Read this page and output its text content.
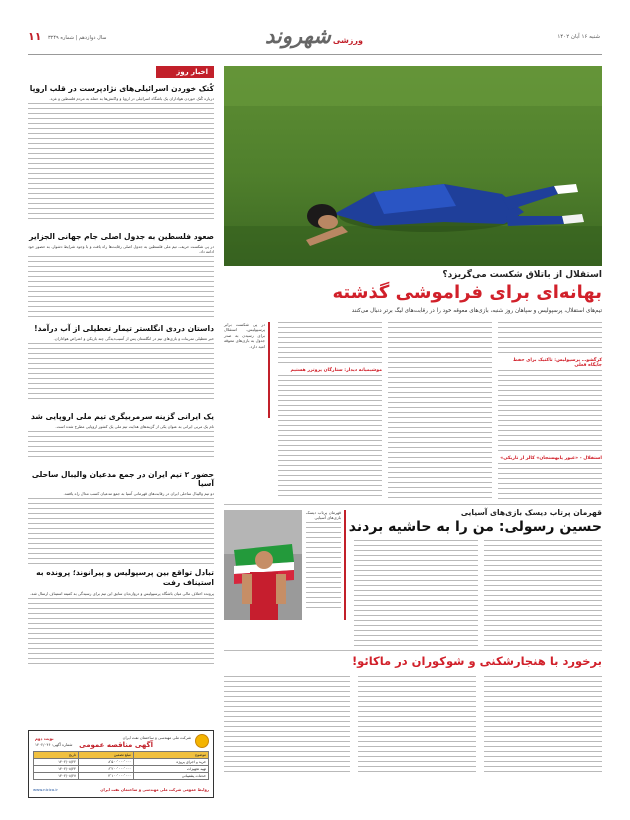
شنبه ۱۶ آبان ۱۴۰۲
ورزشی
شهروند
سال دوازدهم | شماره ۳۲۴۹
۱۱
اخبار روز
کُتک خوردن اسرائیلی‌های نژادپرست در قلب اروپا
درباره کُتک خوردن هواداران یک باشگاه اسرائیلی در اروپا و واکنش‌ها به حمله به مردم فلسطین و غزه.
صعود فلسطین به جدول اصلی جام جهانی الجزایر
در پی شکست حریف، تیم ملی فلسطین به جدول اصلی رقابت‌ها راه یافت و با وجود شرایط دشوار، به حضور خود ادامه داد.
داستان دردی انگلستر تیمار تعطیلی از آب درآمد!
خبر تعطیلی تمرینات و بازی‌های تیم در انگلستان پس از آسیب‌دیدگی چند بازیکن و اعتراض هواداران.
یک ایرانی گزینه سرمربیگری تیم ملی اروپایی شد
نام یک مربی ایرانی به عنوان یکی از گزینه‌های هدایت تیم ملی یک کشور اروپایی مطرح شده است.
حضور ۲ تیم ایران در جمع مدعیان والیبال ساحلی آسیا
دو تیم والیبال ساحلی ایران در رقابت‌های قهرمانی آسیا به جمع مدعیان کسب مدال راه یافتند.
تبادل تواقع بین پرسپولیس و پیرانوند؛ پرونده به استیناف رفت
پرونده اختلاف مالی میان باشگاه پرسپولیس و دروازه‌بان سابق این تیم برای رسیدگی به کمیته استیناف ارسال شد.
استقلال از باتلاق شکست می‌گریزد؟
بهانه‌ای برای فراموشی گذشته
تیم‌های استقلال، پرسپولیس و سپاهان روز شنبه، بازی‌های معوقه خود را در رقابت‌های لیگ برتر دنبال می‌کنند
در پی شکست برابر پرسپولیس، استقلال برای رسیدن به صدر جدول به بازی‌های معوقه امید دارد.
کرگشو… پرسپولیس: تاکتیک برای حفظ جایگاه فعلی
استقلال - «عبور پایهسنجان» کالر از تاریکی»
موشیمیانه دیدار: ستارگان پروتزر هستیم
قهرمان پرتاب دیسک بازی‌های آسیایی
حسین رسولی: من را به حاشیه بردند
قهرمان پرتاب دیسک بازی‌های آسیایی
برخورد با هنجارشکنی و شوکوران در ماکائو!
شرکت ملی مهندسی و ساختمان نفت ایران
آگهی مناقصه عمومی
نوبت دوم
شماره آگهی: ۱۴۰۲/۰۴۶
موضوع
مبلغ تضمین
تاریخ
خرید و اجرای پروژه
۸٬۵۰۰٬۰۰۰٬۰۰۰
۱۴۰۲/۰۸/۲۲
تهیه تجهیزات
۶٬۲۰۰٬۰۰۰٬۰۰۰
۱۴۰۲/۰۸/۲۴
خدمات پشتیبانی
۴٬۱۰۰٬۰۰۰٬۰۰۰
۱۴۰۲/۰۸/۲۷
روابط عمومی شرکت ملی مهندسی و ساختمان نفت ایران
www.nicico.ir
